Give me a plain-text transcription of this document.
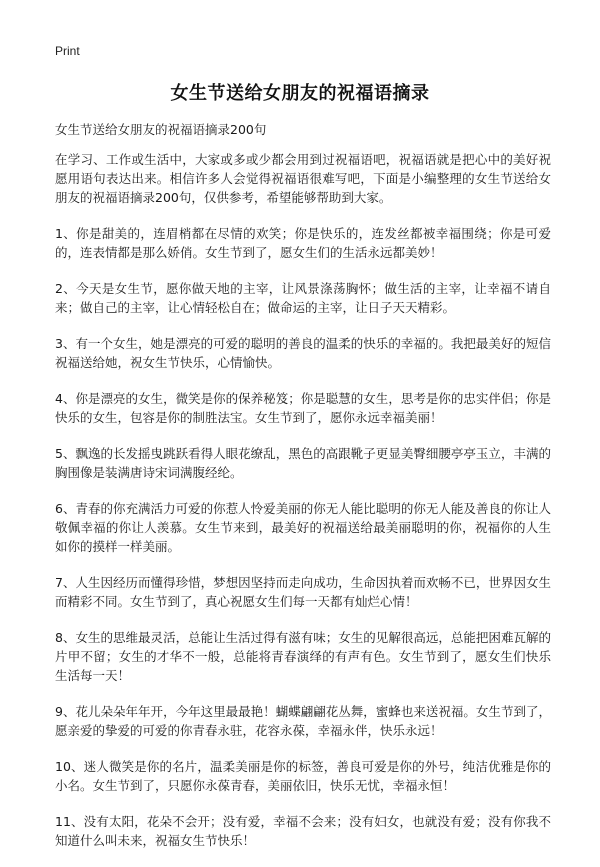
Print
女生节送给女朋友的祝福语摘录

女生节送给女朋友的祝福语摘录200句

在学习、工作或生活中，大家或多或少都会用到过祝福语吧，祝福语就是把心中的美好祝愿用语句表达出来。相信许多人会觉得祝福语很难写吧，下面是小编整理的女生节送给女朋友的祝福语摘录200句，仅供参考，希望能够帮助到大家。

1、你是甜美的，连眉梢都在尽情的欢笑；你是快乐的，连发丝都被幸福围绕；你是可爱的，连表情都是那么娇俏。女生节到了，愿女生们的生活永远都美妙！

2、今天是女生节，愿你做天地的主宰，让风景涤荡胸怀；做生活的主宰，让幸福不请自来；做自己的主宰，让心情轻松自在；做命运的主宰，让日子天天精彩。

3、有一个女生，她是漂亮的可爱的聪明的善良的温柔的快乐的幸福的。我把最美好的短信祝福送给她，祝女生节快乐，心情愉快。

4、你是漂亮的女生，微笑是你的保养秘笈；你是聪慧的女生，思考是你的忠实伴侣；你是快乐的女生，包容是你的制胜法宝。女生节到了，愿你永远幸福美丽！

5、飘逸的长发摇曳跳跃看得人眼花缭乱，黑色的高跟靴子更显美臀细腰亭亭玉立，丰满的胸围像是装满唐诗宋词满腹经纶。

6、青春的你充满活力可爱的你惹人怜爱美丽的你无人能比聪明的你无人能及善良的你让人敬佩幸福的你让人羡慕。女生节来到，最美好的祝福送给最美丽聪明的你，祝福你的人生如你的摸样一样美丽。

7、人生因经历而懂得珍惜，梦想因坚持而走向成功，生命因执着而欢畅不已，世界因女生而精彩不同。女生节到了，真心祝愿女生们每一天都有灿烂心情！

8、女生的思维最灵活，总能让生活过得有滋有味；女生的见解很高远，总能把困难瓦解的片甲不留；女生的才华不一般，总能将青春演绎的有声有色。女生节到了，愿女生们快乐生活每一天！

9、花儿朵朵年年开，今年这里最最艳！蝴蝶翩翩花丛舞，蜜蜂也来送祝福。女生节到了，愿亲爱的挚爱的可爱的你青春永驻，花容永葆，幸福永伴，快乐永远！

10、迷人微笑是你的名片，温柔美丽是你的标签，善良可爱是你的外号，纯洁优雅是你的小名。女生节到了，只愿你永葆青春，美丽依旧，快乐无忧，幸福永恒！

11、没有太阳，花朵不会开；没有爱，幸福不会来；没有妇女，也就没有爱；没有你我不知道什么叫未来，祝福女生节快乐！
